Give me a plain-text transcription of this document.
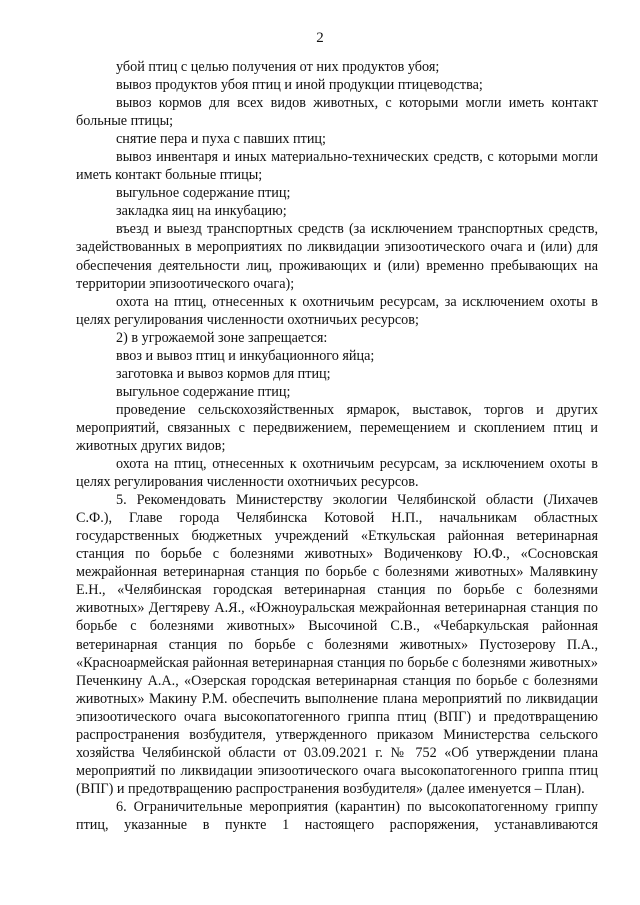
2

убой птиц с целью получения от них продуктов убоя;

вывоз продуктов убоя птиц и иной продукции птицеводства;

вывоз кормов для всех видов животных, с которыми могли иметь контакт больные птицы;

снятие пера и пуха с павших птиц;

вывоз инвентаря и иных материально-технических средств, с которыми могли иметь контакт больные птицы;

выгульное содержание птиц;

закладка яиц на инкубацию;

въезд и выезд транспортных средств (за исключением транспортных средств, задействованных в мероприятиях по ликвидации эпизоотического очага и (или) для обеспечения деятельности лиц, проживающих и (или) временно пребывающих на территории эпизоотического очага);

охота на птиц, отнесенных к охотничьим ресурсам, за исключением охоты в целях регулирования численности охотничьих ресурсов;

2) в угрожаемой зоне запрещается:

ввоз и вывоз птиц и инкубационного яйца;

заготовка и вывоз кормов для птиц;

выгульное содержание птиц;

проведение сельскохозяйственных ярмарок, выставок, торгов и других мероприятий, связанных с передвижением, перемещением и скоплением птиц и животных других видов;

охота на птиц, отнесенных к охотничьим ресурсам, за исключением охоты в целях регулирования численности охотничьих ресурсов.

5. Рекомендовать Министерству экологии Челябинской области (Лихачев С.Ф.), Главе города Челябинска Котовой Н.П., начальникам областных государственных бюджетных учреждений «Еткульская районная ветеринарная станция по борьбе с болезнями животных» Водиченкову Ю.Ф., «Сосновская межрайонная ветеринарная станция по борьбе с болезнями животных» Малявкину Е.Н., «Челябинская городская ветеринарная станция по борьбе с болезнями животных» Дегтяреву А.Я., «Южноуральская межрайонная ветеринарная станция по борьбе с болезнями животных» Высочиной С.В., «Чебаркульская районная ветеринарная станция по борьбе с болезнями животных» Пустозерову П.А., «Красноармейская районная ветеринарная станция по борьбе с болезнями животных» Печенкину А.А., «Озерская городская ветеринарная станция по борьбе с болезнями животных» Макину Р.М. обеспечить выполнение плана мероприятий по ликвидации эпизоотического очага высокопатогенного гриппа птиц (ВПГ) и предотвращению распространения возбудителя, утвержденного приказом Министерства сельского хозяйства Челябинской области от 03.09.2021 г. № 752 «Об утверждении плана мероприятий по ликвидации эпизоотического очага высокопатогенного гриппа птиц (ВПГ) и предотвращению распространения возбудителя» (далее именуется – План).

6. Ограничительные мероприятия (карантин) по высокопатогенному гриппу птиц, указанные в пункте 1 настоящего распоряжения, устанавливаются
